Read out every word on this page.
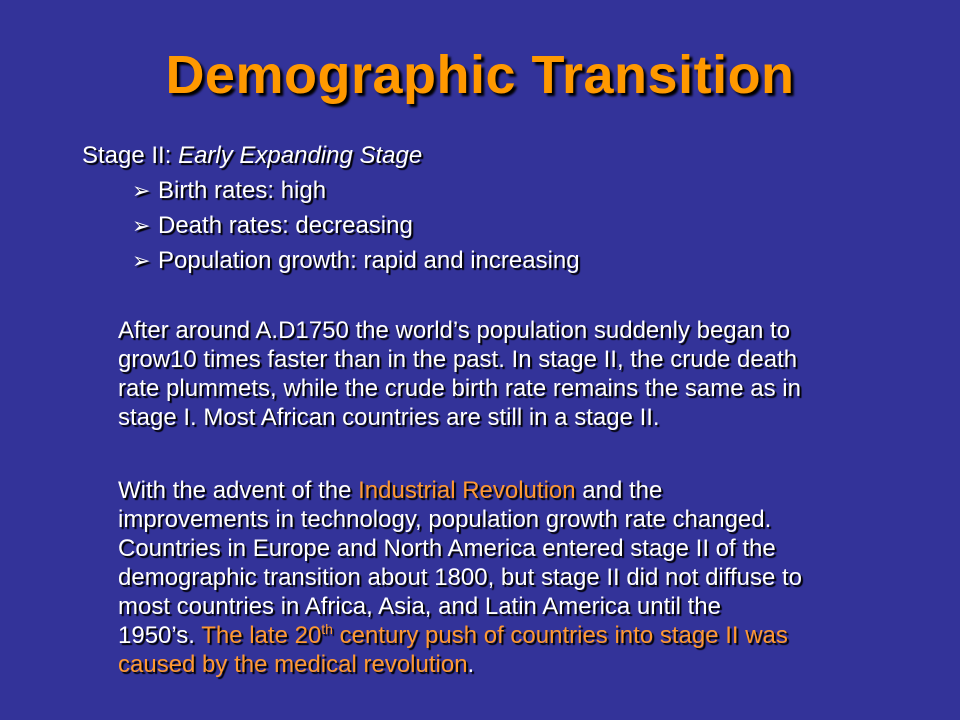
Demographic Transition
Stage II: Early Expanding Stage
➢ Birth rates: high
➢ Death rates: decreasing
➢ Population growth: rapid and increasing

After around A.D1750 the world’s population suddenly began to
grow10 times faster than in the past. In stage II, the crude death
rate plummets, while the crude birth rate remains the same as in
stage I. Most African countries are still in a stage II.

With the advent of the Industrial Revolution and the
improvements in technology, population growth rate changed.
Countries in Europe and North America entered stage II of the
demographic transition about 1800, but stage II did not diffuse to
most countries in Africa, Asia, and Latin America until the
1950’s. The late 20th century push of countries into stage II was
caused by the medical revolution.
